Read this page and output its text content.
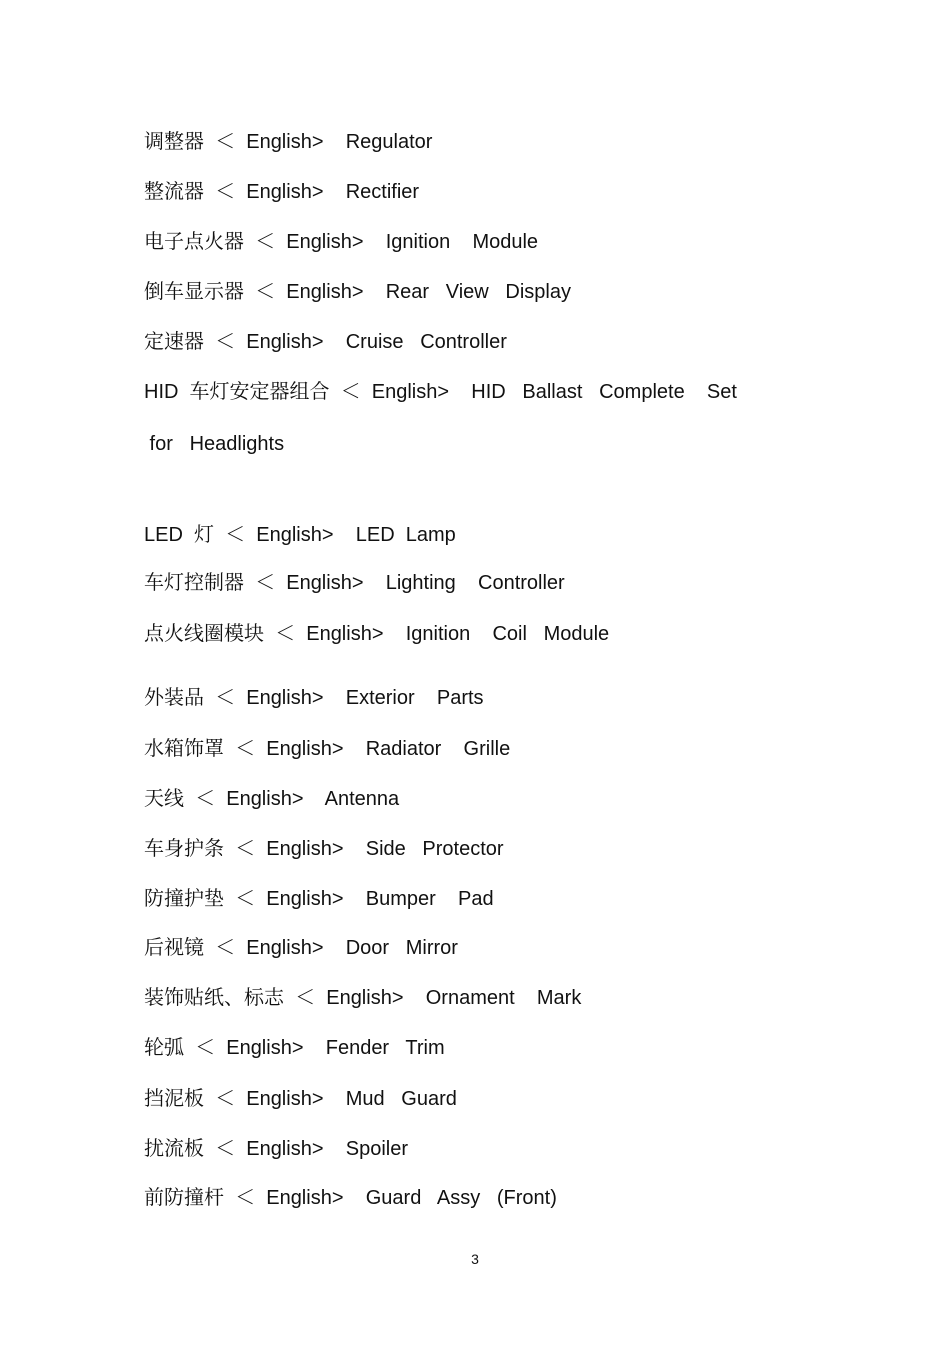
调整器  ＜  English>    Regulator
整流器  ＜  English>    Rectifier
电子点火器  ＜  English>    Ignition    Module
倒车显示器  ＜  English>    Rear   View   Display
定速器  ＜  English>    Cruise   Controller
HID  车灯安定器组合  ＜  English>    HID   Ballast   Complete    Set
for   Headlights
LED  灯  ＜  English>    LED  Lamp
车灯控制器  ＜  English>    Lighting    Controller
点火线圈模块  ＜  English>    Ignition    Coil   Module
外装品  ＜  English>    Exterior    Parts
水箱饰罩  ＜  English>    Radiator    Grille
天线  ＜  English>    Antenna
车身护条  ＜  English>    Side   Protector
防撞护垫  ＜  English>    Bumper    Pad
后视镜  ＜  English>    Door   Mirror
装饰贴纸、标志  ＜  English>    Ornament    Mark
轮弧  ＜  English>    Fender   Trim
挡泥板  ＜  English>    Mud   Guard
扰流板  ＜  English>    Spoiler
前防撞杆  ＜  English>    Guard   Assy   (Front)
3
